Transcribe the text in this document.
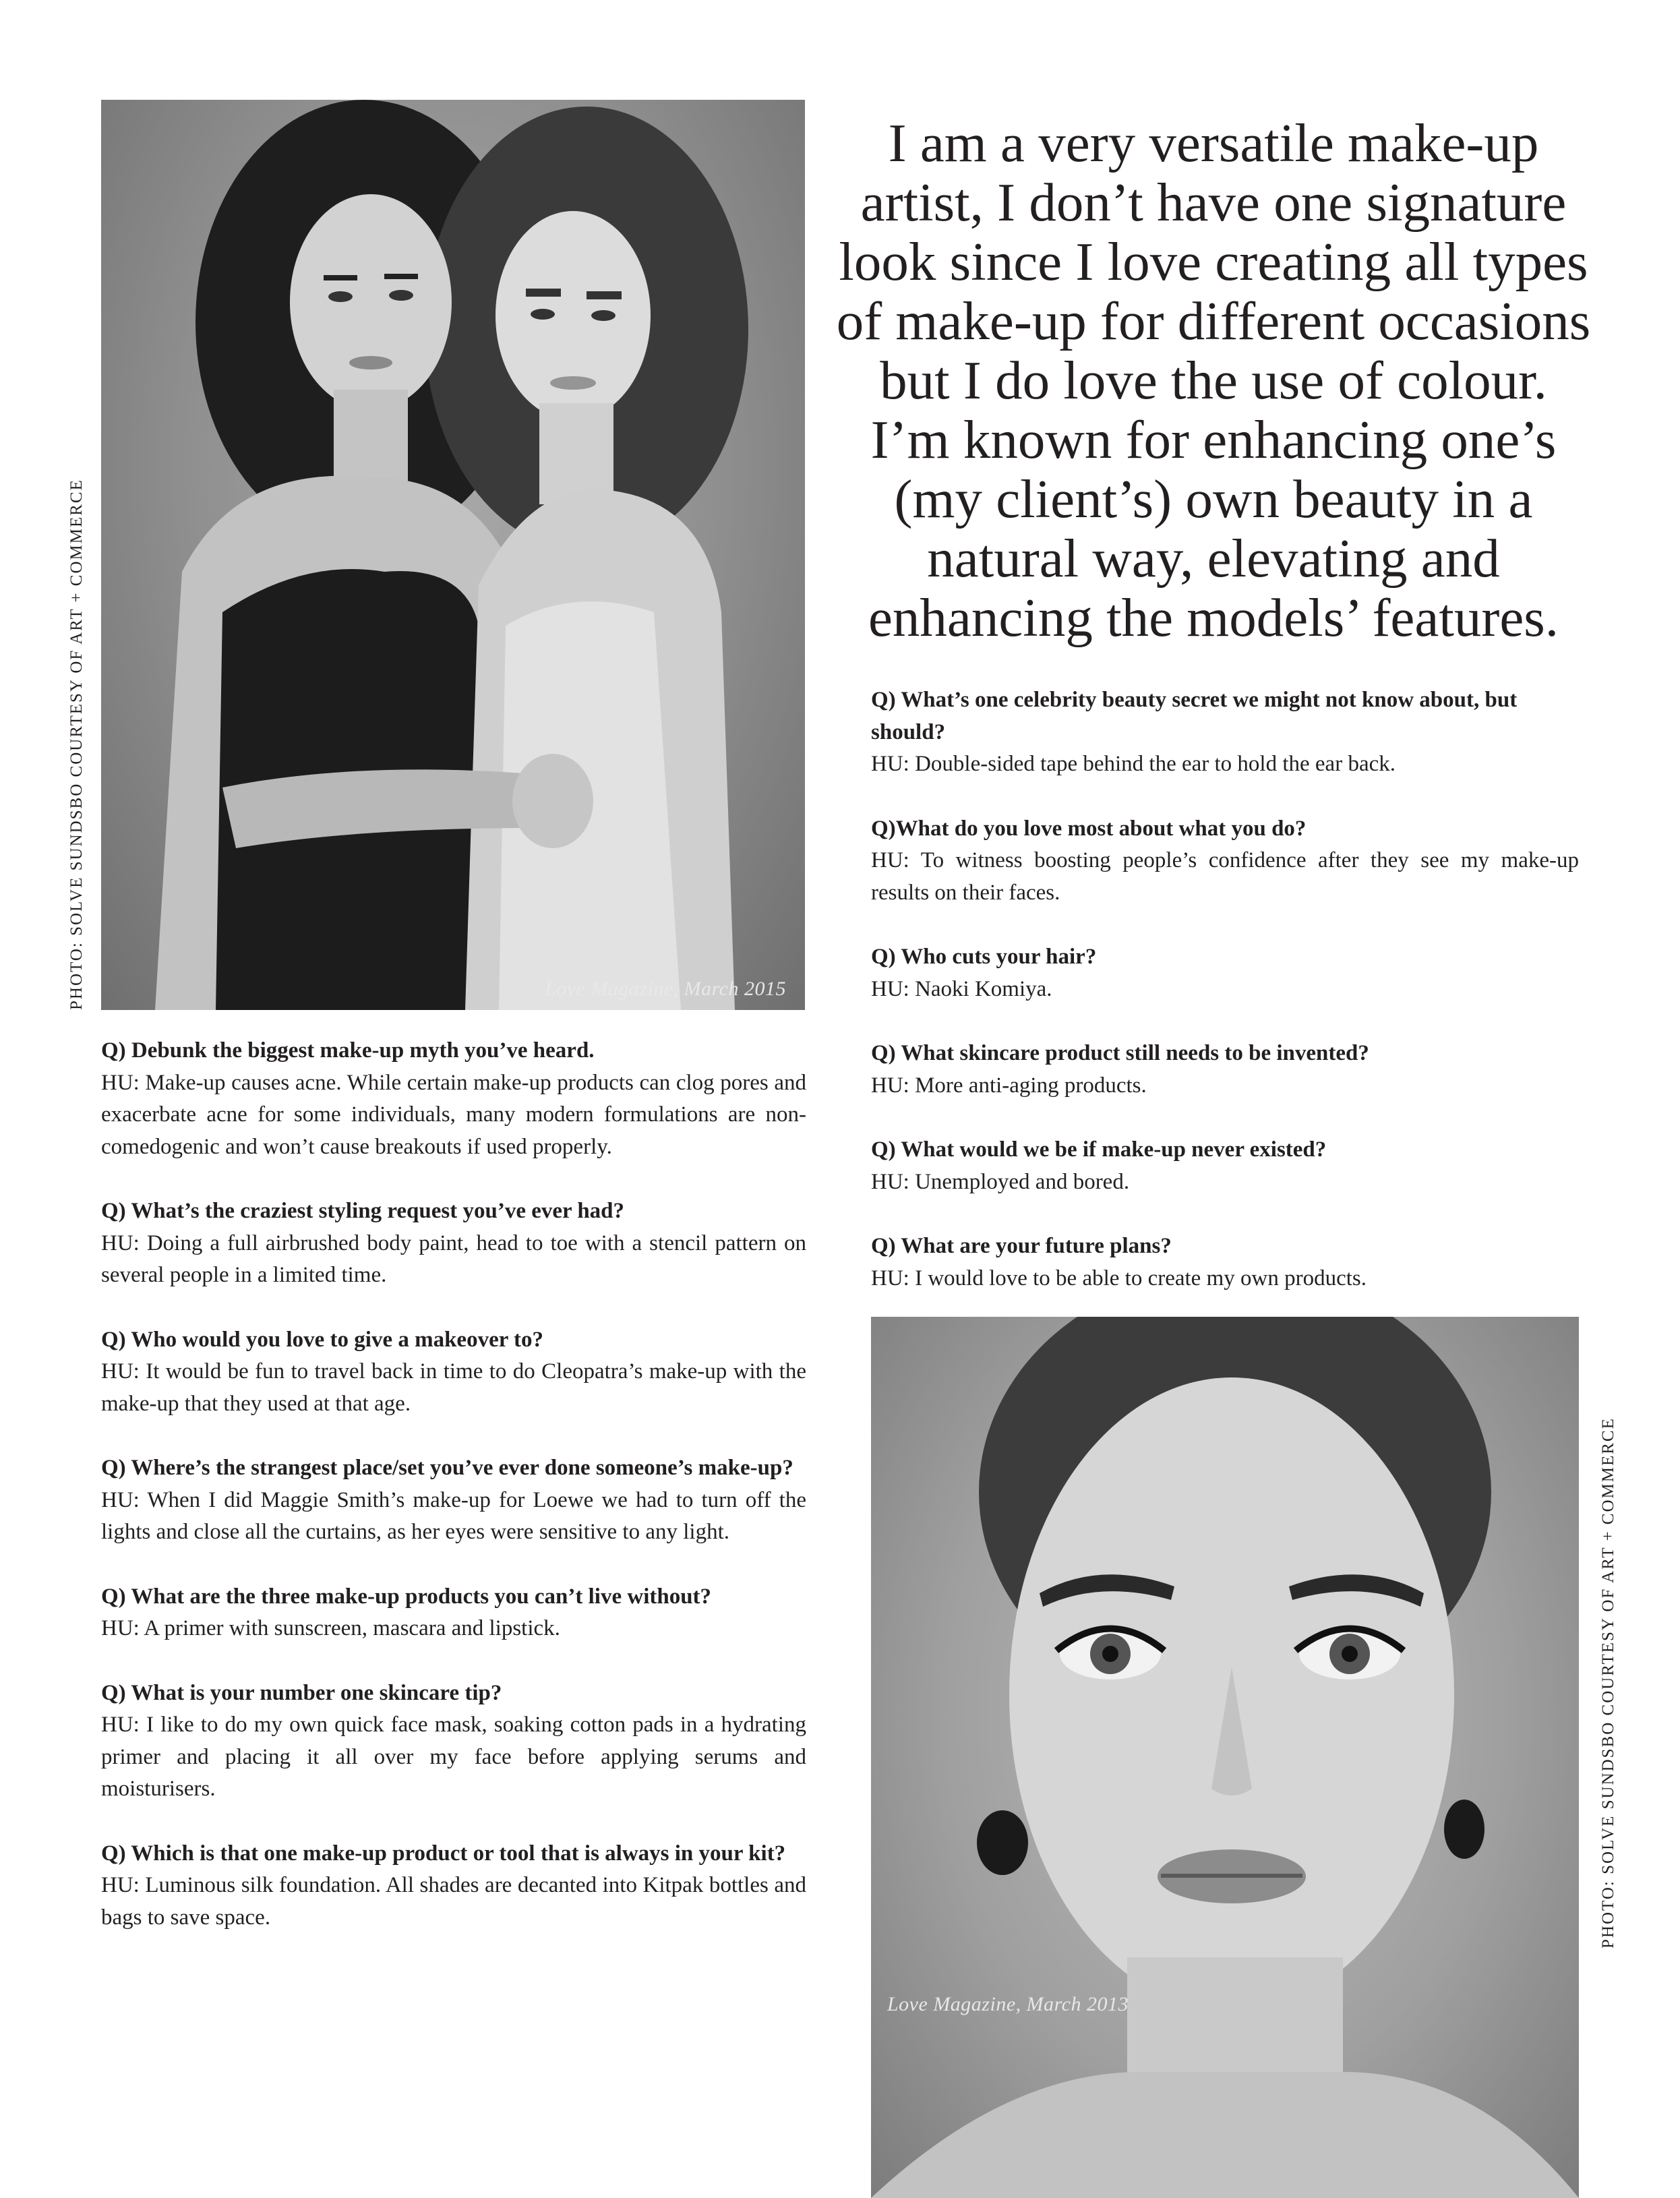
Love Magazine, March 2015
PHOTO: SOLVE SUNDSBO COURTESY OF ART + COMMERCE

I am a very versatile make-up artist, I don’t have one signature look since I love creating all types of make-up for different occasions but I do love the use of colour. I’m known for enhancing one’s (my client’s) own beauty in a natural way, elevating and enhancing the models’ features.

Q) What’s one celebrity beauty secret we might not know about, but should?

HU: Double-sided tape behind the ear to hold the ear back.

Q)What do you love most about what you do?

HU: To witness boosting people’s confidence after they see my make-up results on their faces.

Q) Who cuts your hair?

HU: Naoki Komiya.

Q) What skincare product still needs to be invented?

HU: More anti-aging products.

Q) What would we be if make-up never existed?

HU: Unemployed and bored.

Q) What are your future plans?

HU: I would love to be able to create my own products.

Q) Debunk the biggest make-up myth you’ve heard.

HU: Make-up causes acne. While certain make-up products can clog pores and exacerbate acne for some individuals, many modern formulations are non-comedogenic and won’t cause breakouts if used properly.

Q) What’s the craziest styling request you’ve ever had?

HU: Doing a full airbrushed body paint, head to toe with a stencil pattern on several people in a limited time.

Q) Who would you love to give a makeover to?

HU: It would be fun to travel back in time to do Cleopatra’s make-up with the make-up that they used at that age.

Q) Where’s the strangest place/set you’ve ever done someone’s make-up?

HU: When I did Maggie Smith’s make-up for Loewe we had to turn off the lights and close all the curtains, as her eyes were sensitive to any light.

Q) What are the three make-up products you can’t live without?

HU: A primer with sunscreen, mascara and lipstick.

Q) What is your number one skincare tip?

HU: I like to do my own quick face mask, soaking cotton pads in a hydrating primer and placing it all over my face before applying serums and moisturisers.

Q) Which is that one make-up product or tool that is always in your kit?

HU: Luminous silk foundation. All shades are decanted into Kitpak bottles and bags to save space.

Love Magazine, March 2013
PHOTO: SOLVE SUNDSBO COURTESY OF ART + COMMERCE
